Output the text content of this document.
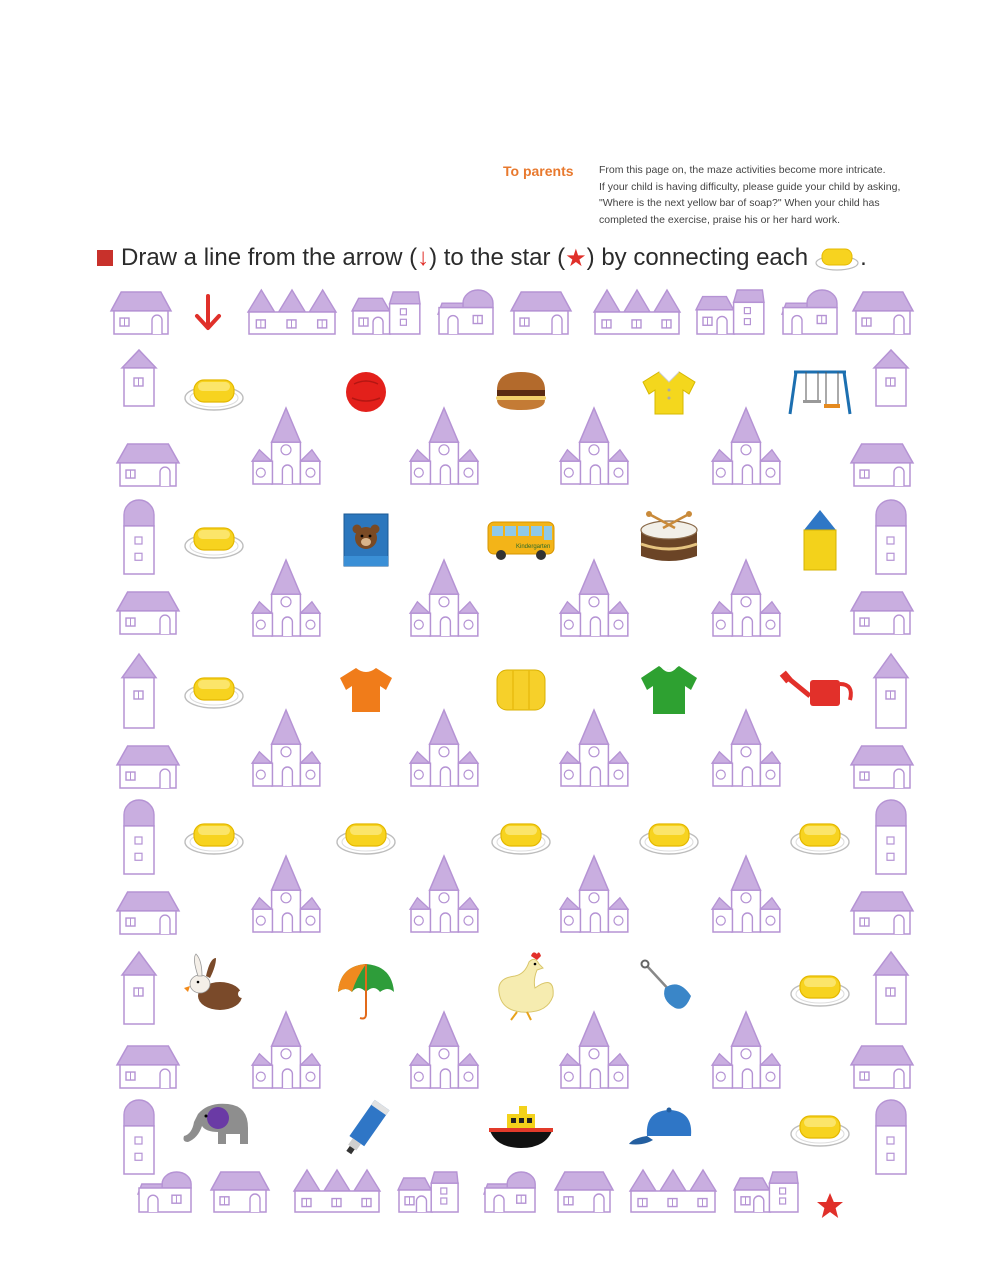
To parents From this page on, the maze activities become more intricate.
If your child is having difficulty, please guide your child by asking,
"Where is the next yellow bar of soap?" When your child has
completed the exercise, praise his or her hard work.
Draw a line from the arrow ( ↓ ) to the star ( ★ ) by connecting each .
Kindergarten
